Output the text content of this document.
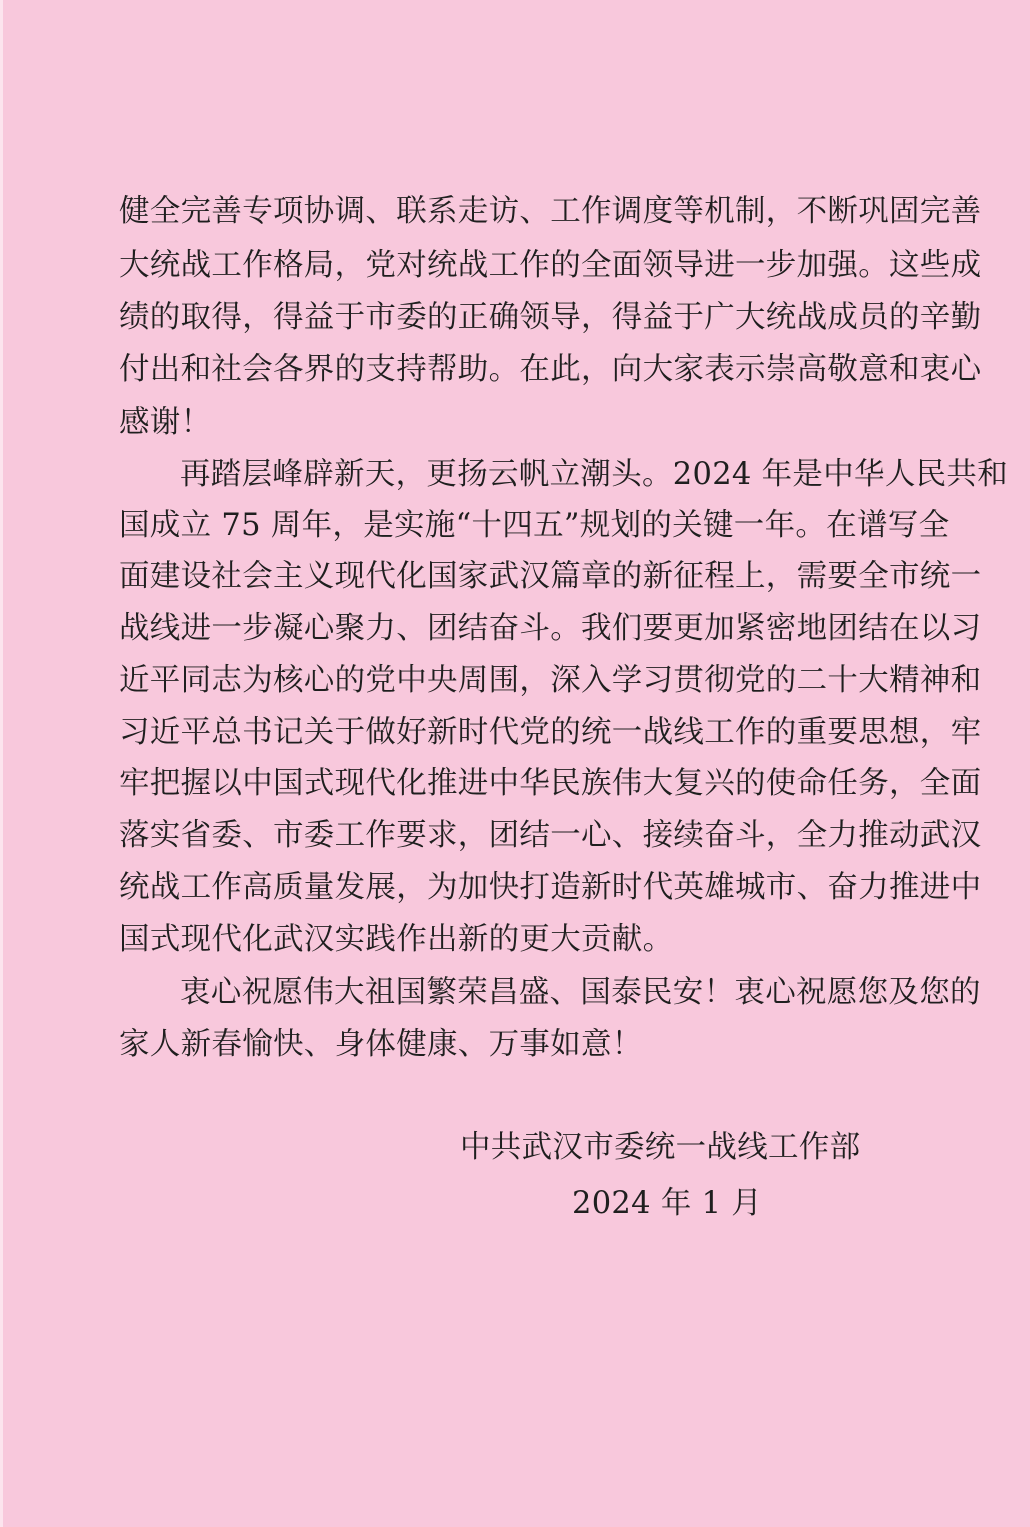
健全完善专项协调、联系走访、工作调度等机制，不断巩固完善
大统战工作格局，党对统战工作的全面领导进一步加强。这些成
绩的取得，得益于市委的正确领导，得益于广大统战成员的辛勤
付出和社会各界的支持帮助。在此，向大家表示崇高敬意和衷心
感谢！
再踏层峰辟新天，更扬云帆立潮头。2024 年是中华人民共和
国成立 75 周年，是实施“十四五”规划的关键一年。在谱写全
面建设社会主义现代化国家武汉篇章的新征程上，需要全市统一
战线进一步凝心聚力、团结奋斗。我们要更加紧密地团结在以习
近平同志为核心的党中央周围，深入学习贯彻党的二十大精神和
习近平总书记关于做好新时代党的统一战线工作的重要思想，牢
牢把握以中国式现代化推进中华民族伟大复兴的使命任务，全面
落实省委、市委工作要求，团结一心、接续奋斗，全力推动武汉
统战工作高质量发展，为加快打造新时代英雄城市、奋力推进中
国式现代化武汉实践作出新的更大贡献。
衷心祝愿伟大祖国繁荣昌盛、国泰民安！衷心祝愿您及您的
家人新春愉快、身体健康、万事如意！
中共武汉市委统一战线工作部
2024 年 1 月
